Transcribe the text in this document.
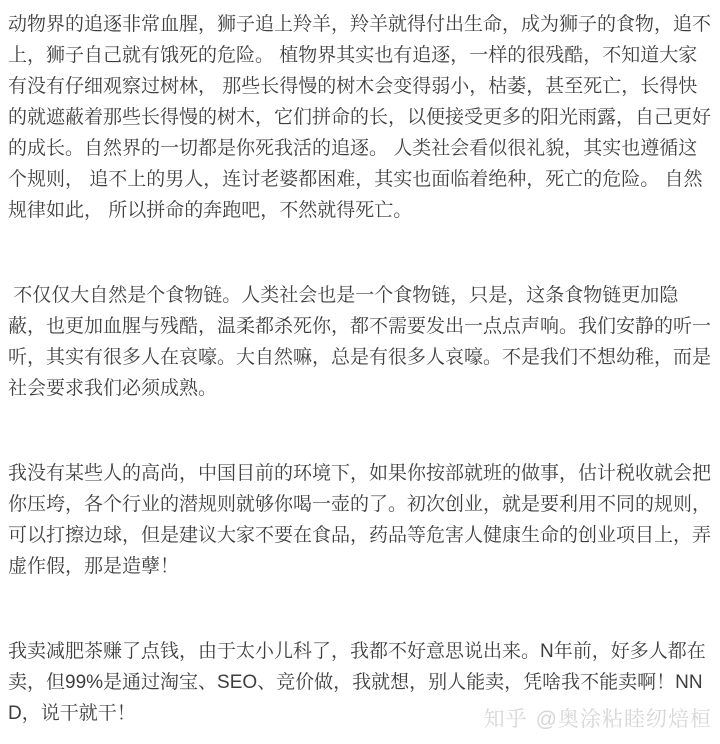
动物界的追逐非常血腥，狮子追上羚羊，羚羊就得付出生命，成为狮子的食物，追不上，狮子自己就有饿死的危险。 植物界其实也有追逐，一样的很残酷，不知道大家有没有仔细观察过树林， 那些长得慢的树木会变得弱小，枯萎，甚至死亡，长得快的就遮蔽着那些长得慢的树木，它们拼命的长，以便接受更多的阳光雨露，自己更好的成长。自然界的一切都是你死我活的追逐。 人类社会看似很礼貌，其实也遵循这个规则， 追不上的男人，连讨老婆都困难，其实也面临着绝种，死亡的危险。 自然规律如此， 所以拼命的奔跑吧，不然就得死亡。

不仅仅大自然是个食物链。人类社会也是一个食物链，只是，这条食物链更加隐蔽，也更加血腥与残酷，温柔都杀死你，都不需要发出一点点声响。我们安静的听一听，其实有很多人在哀嚎。大自然嘛，总是有很多人哀嚎。不是我们不想幼稚，而是社会要求我们必须成熟。

我没有某些人的高尚，中国目前的环境下，如果你按部就班的做事，估计税收就会把你压垮，各个行业的潜规则就够你喝一壶的了。初次创业，就是要利用不同的规则，可以打擦边球，但是建议大家不要在食品，药品等危害人健康生命的创业项目上，弄虚作假，那是造孽！

我卖减肥茶赚了点钱，由于太小儿科了，我都不好意思说出来。N年前，好多人都在卖，但99%是通过淘宝、SEO、竞价做，我就想，别人能卖，凭啥我不能卖啊！NND，说干就干！	知乎 @奥涂粘睦纫焙桓
